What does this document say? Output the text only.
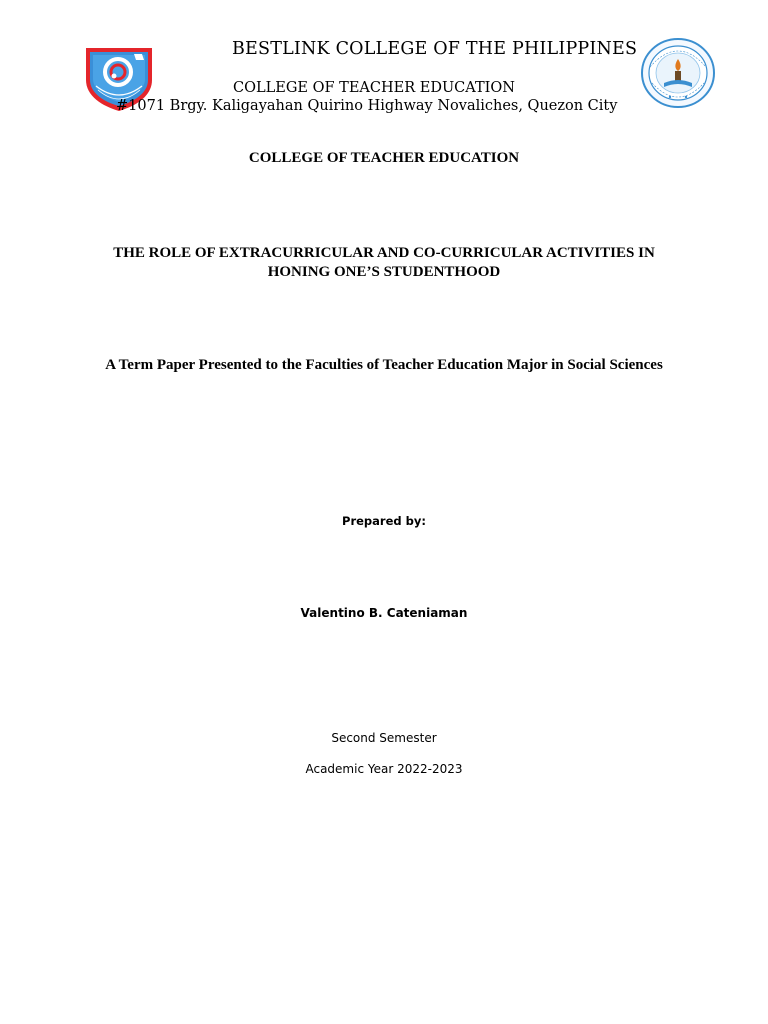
BESTLINK COLLEGE OF THE PHILIPPINES
COLLEGE OF TEACHER EDUCATION
#1071 Brgy. Kaligayahan Quirino Highway Novaliches, Quezon City
COLLEGE OF TEACHER EDUCATION
THE ROLE OF EXTRACURRICULAR AND CO-CURRICULAR ACTIVITIES IN
HONING ONE’S STUDENTHOOD
A Term Paper Presented to the Faculties of Teacher Education Major in Social Sciences
Prepared by:
Valentino B. Cateniaman
Second Semester
Academic Year 2022-2023
